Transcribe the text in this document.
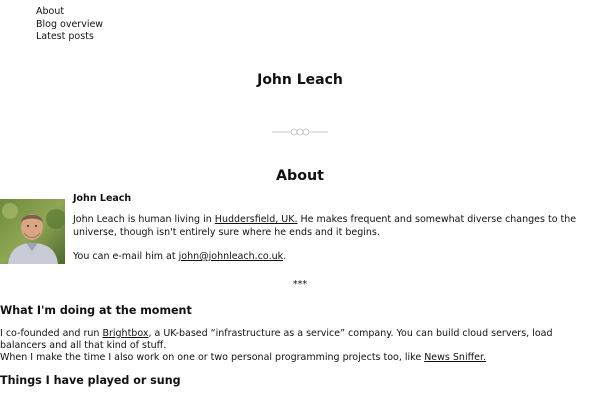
About
Blog overview
Latest posts
John Leach
About

John Leach

John Leach is human living in Huddersfield, UK. He makes frequent and somewhat diverse changes to the universe, though isn't entirely sure where he ends and it begins.

You can e-mail him at john@johnleach.co.uk.

***

What I'm doing at the moment

I co-founded and run Brightbox, a UK-based “infrastructure as a service” company. You can build cloud servers, load balancers and all that kind of stuff.

When I make the time I also work on one or two personal programming projects too, like News Sniffer.

Things I have played or sung
